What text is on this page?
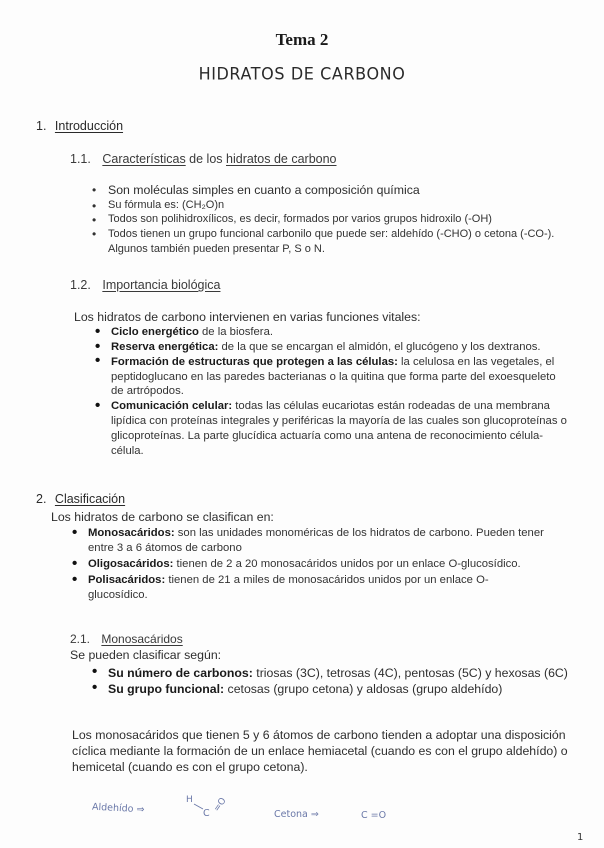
Tema 2
HIDRATOS DE CARBONO
1. Introducción
1.1. Características de los hidratos de carbono
• Son moléculas simples en cuanto a composición química
• Su fórmula es: (CH₂O)n
• Todos son polihidroxílicos, es decir, formados por varios grupos hidroxilo (-OH)
• Todos tienen un grupo funcional carbonilo que puede ser: aldehído (-CHO) o cetona (-CO-). Algunos también pueden presentar P, S o N.
1.2. Importancia biológica
Los hidratos de carbono intervienen en varias funciones vitales:
• Ciclo energético de la biosfera.
• Reserva energética: de la que se encargan el almidón, el glucógeno y los dextranos.
• Formación de estructuras que protegen a las células: la celulosa en las vegetales, el peptidoglucano en las paredes bacterianas o la quitina que forma parte del exoesqueleto de artrópodos.
• Comunicación celular: todas las células eucariotas están rodeadas de una membrana lipídica con proteínas integrales y periféricas la mayoría de las cuales son glucoproteínas o glicoproteínas. La parte glucídica actuaría como una antena de reconocimiento célula-célula.
2. Clasificación
Los hidratos de carbono se clasifican en:
• Monosacáridos: son las unidades monoméricas de los hidratos de carbono. Pueden tener entre 3 a 6 átomos de carbono
• Oligosacáridos: tienen de 2 a 20 monosacáridos unidos por un enlace O-glucosídico.
• Polisacáridos: tienen de 21 a miles de monosacáridos unidos por un enlace O-glucosídico.
2.1. Monosacáridos
Se pueden clasificar según:
• Su número de carbonos: triosas (3C), tetrosas (4C), pentosas (5C) y hexosas (6C)
• Su grupo funcional: cetosas (grupo cetona) y aldosas (grupo aldehído)
Los monosacáridos que tienen 5 y 6 átomos de carbono tienden a adoptar una disposición cíclica mediante la formación de un enlace hemiacetal (cuando es con el grupo aldehído) o hemicetal (cuando es con el grupo cetona).
Aldehído ⇒
H
C =O
Cetona ⇒	C =O
1
